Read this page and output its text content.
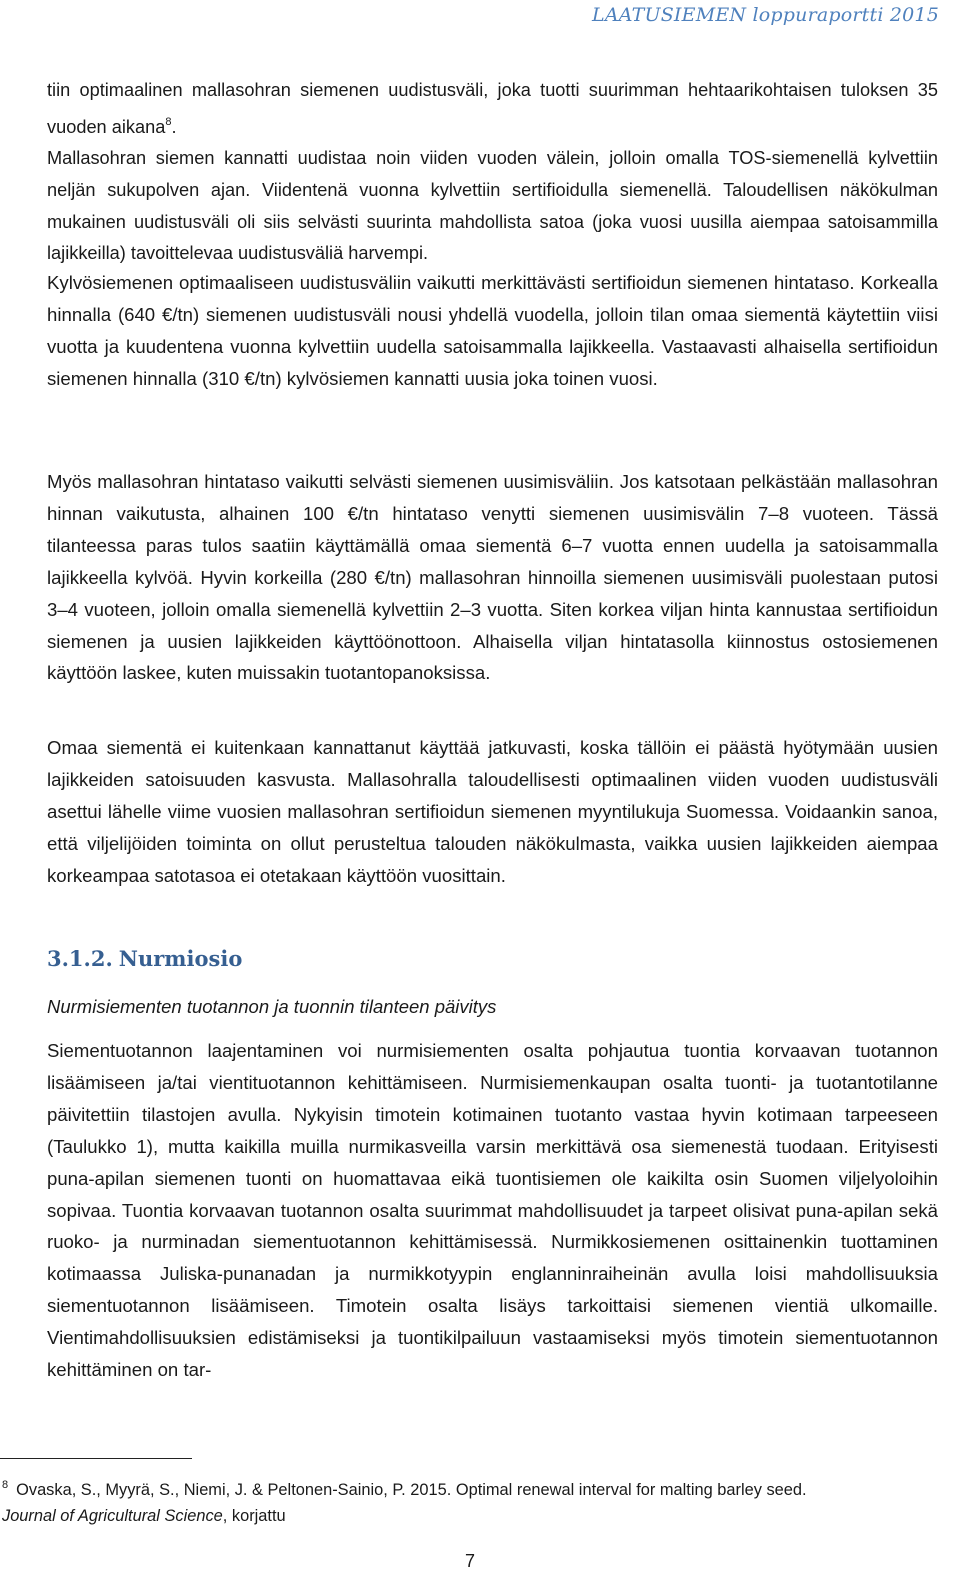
LAATUSIEMEN loppuraportti 2015

tiin optimaalinen mallasohran siemenen uudistusväli, joka tuotti suurimman hehtaarikohtaisen tuloksen 35 vuoden aikana$^8$.

Mallasohran siemen kannatti uudistaa noin viiden vuoden välein, jolloin omalla TOS-siemenellä kylvettiin neljän sukupolven ajan. Viidentenä vuonna kylvettiin sertifioidulla siemenellä. Taloudellisen näkökulman mukainen uudistusväli oli siis selvästi suurinta mahdollista satoa (joka vuosi uusilla aiempaa satoisammilla lajikkeilla) tavoittelevaa uudistusväliä harvempi.

Kylvösiemenen optimaaliseen uudistusväliin vaikutti merkittävästi sertifioidun siemenen hintataso. Korkealla hinnalla (640 €/tn) siemenen uudistusväli nousi yhdellä vuodella, jolloin tilan omaa siementä käytettiin viisi vuotta ja kuudentena vuonna kylvettiin uudella satoisammalla lajikkeella. Vastaavasti alhaisella sertifioidun siemenen hinnalla (310 €/tn) kylvösiemen kannatti uusia joka toinen vuosi.

Myös mallasohran hintataso vaikutti selvästi siemenen uusimisväliin. Jos katsotaan pelkästään mallasohran hinnan vaikutusta, alhainen 100 €/tn hintataso venytti siemenen uusimisvälin 7–8 vuoteen. Tässä tilanteessa paras tulos saatiin käyttämällä omaa siementä 6–7 vuotta ennen uudella ja satoisammalla lajikkeella kylvöä. Hyvin korkeilla (280 €/tn) mallasohran hinnoilla siemenen uusimisväli puolestaan putosi 3–4 vuoteen, jolloin omalla siemenellä kylvettiin 2–3 vuotta. Siten korkea viljan hinta kannustaa sertifioidun siemenen ja uusien lajikkeiden käyttöönottoon. Alhaisella viljan hintatasolla kiinnostus ostosiemenen käyttöön laskee, kuten muissakin tuotantopanoksissa.

Omaa siementä ei kuitenkaan kannattanut käyttää jatkuvasti, koska tällöin ei päästä hyötymään uusien lajikkeiden satoisuuden kasvusta. Mallasohralla taloudellisesti optimaalinen viiden vuoden uudistusväli asettui lähelle viime vuosien mallasohran sertifioidun siemenen myyntilukuja Suomessa. Voidaankin sanoa, että viljelijöiden toiminta on ollut perusteltua talouden näkökulmasta, vaikka uusien lajikkeiden aiempaa korkeampaa satotasoa ei otetakaan käyttöön vuosittain.

3.1.2. Nurmiosio

Nurmisiementen tuotannon ja tuonnin tilanteen päivitys

Siementuotannon laajentaminen voi nurmisiementen osalta pohjautua tuontia korvaavan tuotannon lisäämiseen ja/tai vientituotannon kehittämiseen. Nurmisiemenkaupan osalta tuonti- ja tuotantotilanne päivitettiin tilastojen avulla. Nykyisin timotein kotimainen tuotanto vastaa hyvin kotimaan tarpeeseen (Taulukko 1), mutta kaikilla muilla nurmikasveilla varsin merkittävä osa siemenestä tuodaan. Erityisesti puna-apilan siemenen tuonti on huomattavaa eikä tuontisiemen ole kaikilta osin Suomen viljelyoloihin sopivaa. Tuontia korvaavan tuotannon osalta suurimmat mahdollisuudet ja tarpeet olisivat puna-apilan sekä ruoko- ja nurminadan siementuotannon kehittämisessä. Nurmikkosiemenen osittainenkin tuottaminen kotimaassa Juliska-punanadan ja nurmikkotyypin englanninraiheinän avulla loisi mahdollisuuksia siementuotannon lisäämiseen. Timotein osalta lisäys tarkoittaisi siemenen vientiä ulkomaille. Vientimahdollisuuksien edistämiseksi ja tuontikilpailuun vastaamiseksi myös timotein siementuotannon kehittäminen on tar-

$^8$ Ovaska, S., Myyrä, S., Niemi, J. & Peltonen-Sainio, P. 2015. Optimal renewal interval for malting barley seed.
Journal of Agricultural Science, korjattu

7
